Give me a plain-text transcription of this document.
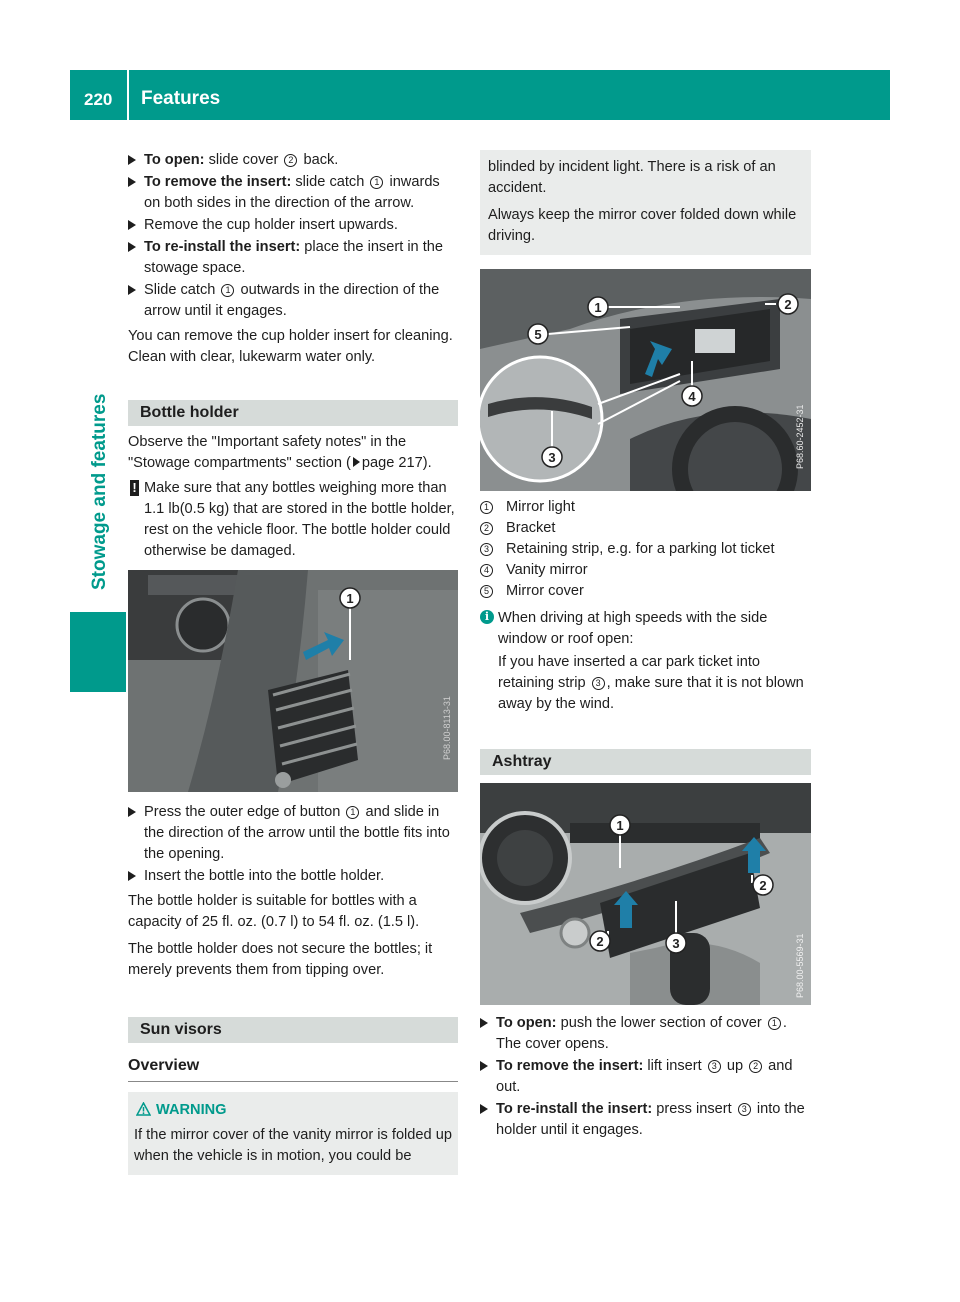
220 Features
Stowage and features
To open: slide cover 2 back.
To remove the insert: slide catch 1 inwards on both sides in the direction of the arrow.
Remove the cup holder insert upwards.
To re-install the insert: place the insert in the stowage space.
Slide catch 1 outwards in the direction of the arrow until it engages.

You can remove the cup holder insert for cleaning. Clean with clear, lukewarm water only.

Bottle holder

Observe the "Important safety notes" in the "Stowage compartments" section ( page 217).

! Make sure that any bottles weighing more than 1.1 lb(0.5 kg) that are stored in the bottle holder, rest on the vehicle floor. The bottle holder could otherwise be damaged.
1
P68.00-8113-31
Press the outer edge of button 1 and slide in the direction of the arrow until the bottle fits into the opening.
Insert the bottle into the bottle holder.

The bottle holder is suitable for bottles with a capacity of 25 fl. oz. (0.7 l) to 54 fl. oz. (1.5 l).

The bottle holder does not secure the bottles; it merely prevents them from tipping over.

Sun visors
Overview
WARNING
If the mirror cover of the vanity mirror is folded up when the vehicle is in motion, you could be

blinded by incident light. There is a risk of an accident.

Always keep the mirror cover folded down while driving.

1	2
3
4
5
P68.60-2452-31
1 Mirror light
2 Bracket
3 Retaining strip, e.g. for a parking lot ticket
4 Vanity mirror
5 Mirror cover
i When driving at high speeds with the side window or roof open:

If you have inserted a car park ticket into retaining strip 3 , make sure that it is not blown away by the wind.

Ashtray
1
2
2	3	P68.00-5569-31
To open: push the lower section of cover 1 . The cover opens.
To remove the insert: lift insert 3 up 2 and out.
To re-install the insert: press insert 3 into the holder until it engages.
